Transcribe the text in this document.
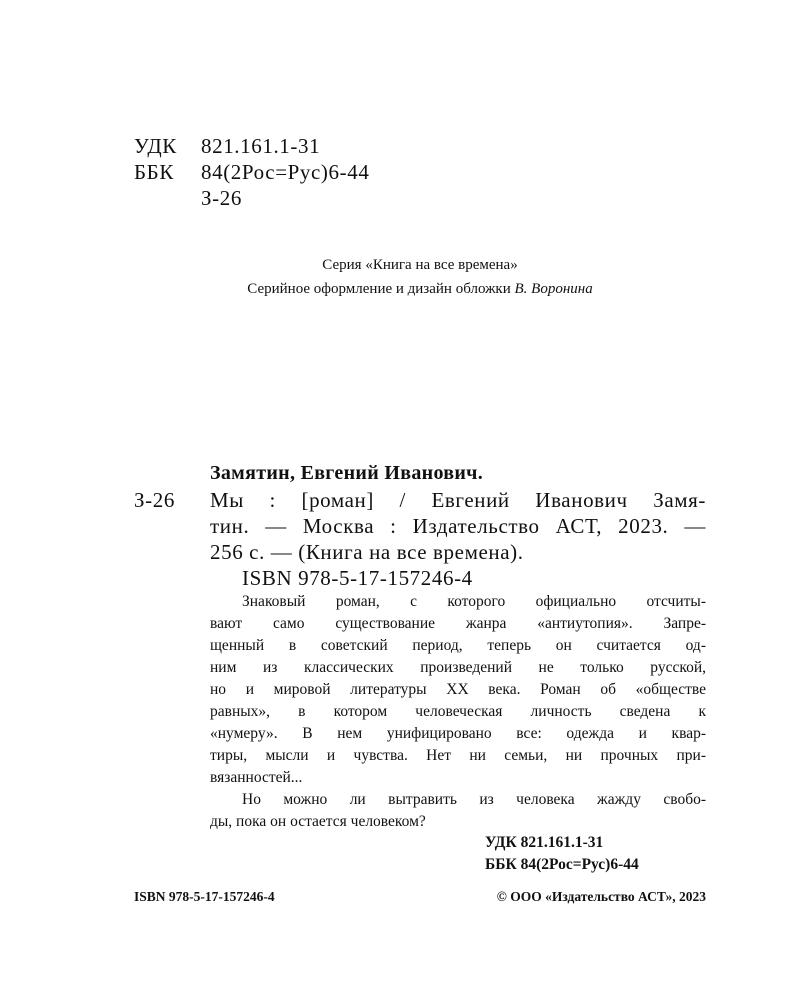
УДК 821.161.1-31
ББК 84(2Рос=Рус)6-44
З-26
Серия «Книга на все времена»
Серийное оформление и дизайн обложки В. Воронина
Замятин, Евгений Иванович.
З-26 Мы : [роман] / Евгений Иванович Замя-
тин. — Москва : Издательство АСТ, 2023. —
256 с. — (Книга на все времена).
ISBN 978-5-17-157246-4
Знаковый роман, с которого официально отсчиты-
вают само существование жанра «антиутопия». Запре-
щенный в советский период, теперь он считается од-
ним из классических произведений не только русской,
но и мировой литературы ХХ века. Роман об «обществе
равных», в котором человеческая личность сведена к
«нумеру». В нем унифицировано все: одежда и квар-
тиры, мысли и чувства. Нет ни семьи, ни прочных при-
вязанностей...
Но можно ли вытравить из человека жажду свобо-
ды, пока он остается человеком?
УДК 821.161.1-31
ББК 84(2Рос=Рус)6-44
ISBN 978-5-17-157246-4	© ООО «Издательство АСТ», 2023
